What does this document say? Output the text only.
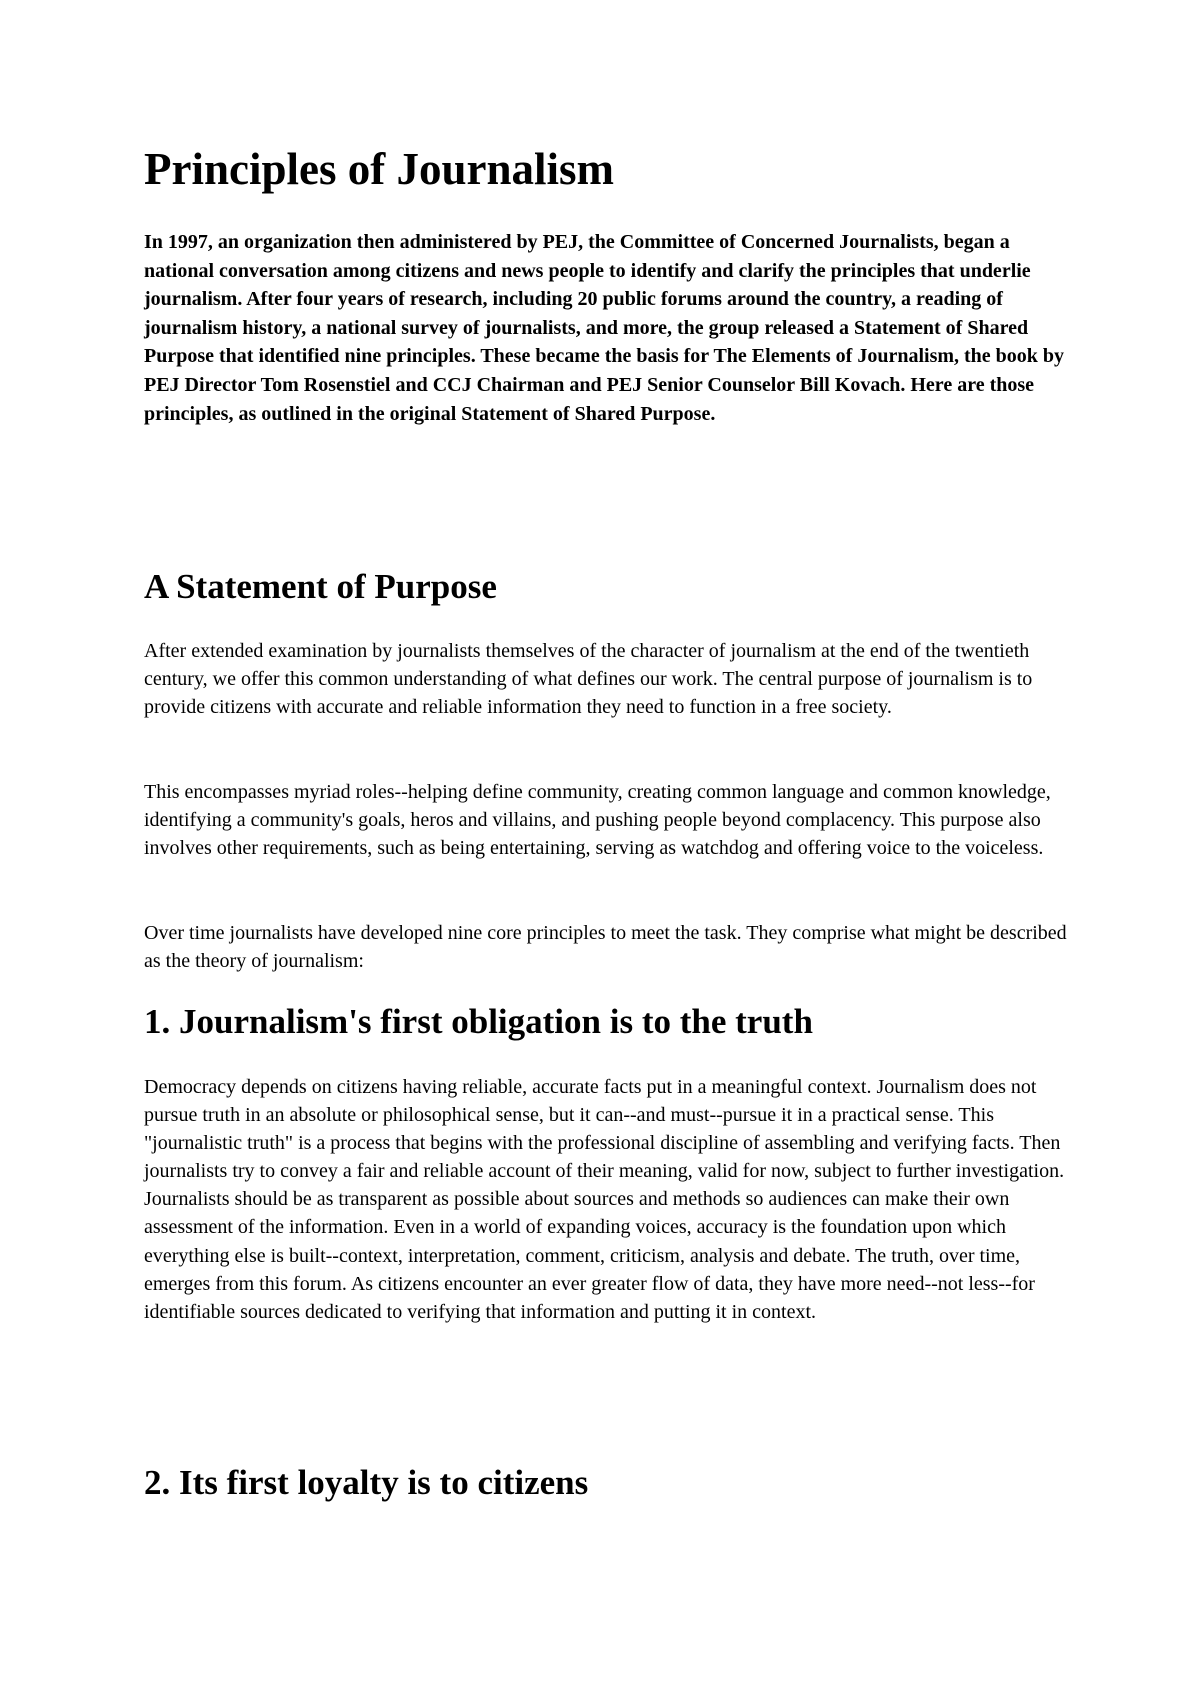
Principles of Journalism

In 1997, an organization then administered by PEJ, the Committee of Concerned Journalists, began a national conversation among citizens and news people to identify and clarify the principles that underlie journalism. After four years of research, including 20 public forums around the country, a reading of journalism history, a national survey of journalists, and more, the group released a Statement of Shared Purpose that identified nine principles. These became the basis for The Elements of Journalism, the book by PEJ Director Tom Rosenstiel and CCJ Chairman and PEJ Senior Counselor Bill Kovach. Here are those principles, as outlined in the original Statement of Shared Purpose.

A Statement of Purpose

After extended examination by journalists themselves of the character of journalism at the end of the twentieth century, we offer this common understanding of what defines our work. The central purpose of journalism is to provide citizens with accurate and reliable information they need to function in a free society.

This encompasses myriad roles--helping define community, creating common language and common knowledge, identifying a community's goals, heros and villains, and pushing people beyond complacency. This purpose also involves other requirements, such as being entertaining, serving as watchdog and offering voice to the voiceless.

Over time journalists have developed nine core principles to meet the task. They comprise what might be described as the theory of journalism:

1. Journalism's first obligation is to the truth

Democracy depends on citizens having reliable, accurate facts put in a meaningful context. Journalism does not pursue truth in an absolute or philosophical sense, but it can--and must--pursue it in a practical sense. This "journalistic truth" is a process that begins with the professional discipline of assembling and verifying facts. Then journalists try to convey a fair and reliable account of their meaning, valid for now, subject to further investigation. Journalists should be as transparent as possible about sources and methods so audiences can make their own assessment of the information. Even in a world of expanding voices, accuracy is the foundation upon which everything else is built--context, interpretation, comment, criticism, analysis and debate. The truth, over time, emerges from this forum. As citizens encounter an ever greater flow of data, they have more need--not less--for identifiable sources dedicated to verifying that information and putting it in context.

2. Its first loyalty is to citizens
